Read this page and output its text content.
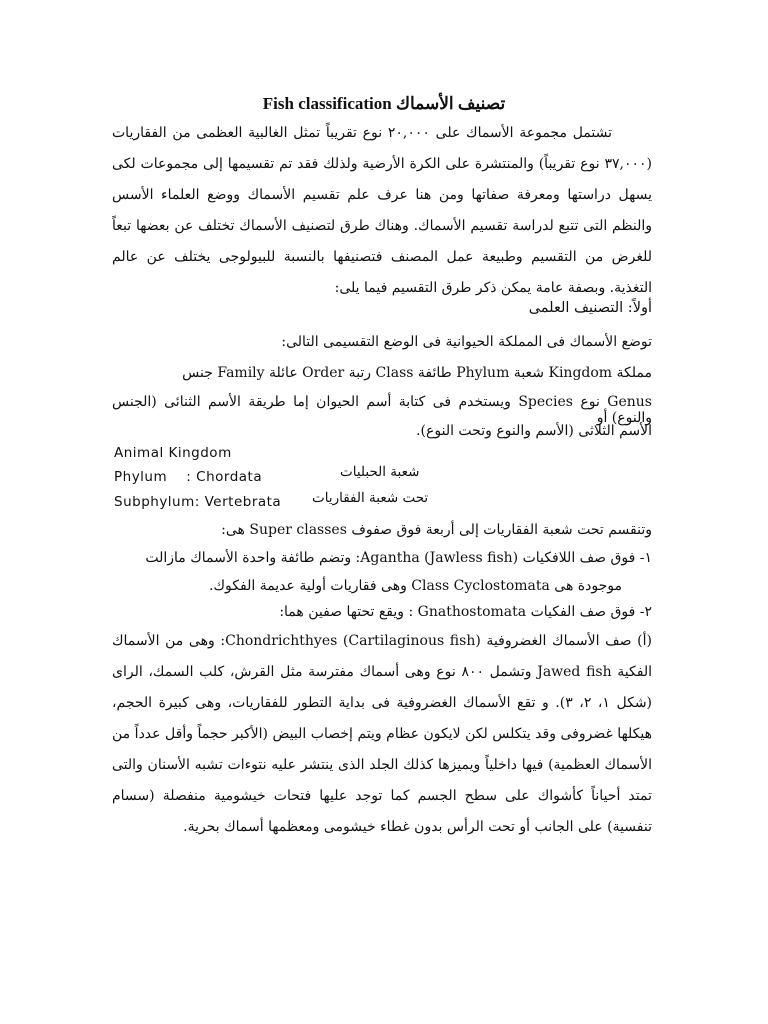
Fish classification تصنيف الأسماك

تشتمل مجموعة الأسماك على ٢٠,٠٠٠ نوع تقريباً تمثل الغالبية العظمى من الفقاريات (٣٧,٠٠٠ نوع تقريباً) والمنتشرة على الكرة الأرضية ولذلك فقد تم تقسيمها إلى مجموعات لكى يسهل دراستها ومعرفة صفاتها ومن هنا عرف علم تقسيم الأسماك ووضع العلماء الأسس والنظم التى تتبع لدراسة تقسيم الأسماك. وهناك طرق لتصنيف الأسماك تختلف عن بعضها تبعاً للغرض من التقسيم وطبيعة عمل المصنف فتصنيفها بالنسبة للبيولوجى يختلف عن عالم التغذية. وبصفة عامة يمكن ذكر طرق التقسيم فيما يلى:

أولاً: التصنيف العلمى

توضع الأسماك فى المملكة الحيوانية فى الوضع التقسيمى التالى:

مملكة Kingdom شعبة Phylum طائفة Class رتبة Order عائلة Family جنس

Genus نوع Species ويستخدم فى كتابة أسم الحيوان إما طريقة الأسم الثنائى (الجنس والنوع) أو

الأسم الثلاثى (الأسم والنوع وتحت النوع).

Animal Kingdom
Phylum    : Chordata	شعبة الحبليات
Subphylum: Vertebrata تحت شعبة الفقاريات

وتنقسم تحت شعبة الفقاريات إلى أربعة فوق صفوف Super classes هى:

١- فوق صف اللافكيات Agantha (Jawless fish): وتضم طائفة واحدة الأسماك مازالت

موجودة هى Class Cyclostomata وهى فقاريات أولية عديمة الفكوك.

٢- فوق صف الفكيات Gnathostomata : ويقع تحتها صفين هما:

(أ) صف الأسماك الغضروفية Chondrichthyes (Cartilaginous fish): وهى من الأسماك الفكية Jawed fish وتشمل ٨٠٠ نوع وهى أسماك مفترسة مثل القرش، كلب السمك، الراى (شكل ١، ٢، ٣). و تقع الأسماك الغضروفية فى بداية التطور للفقاريات، وهى كبيرة الحجم، هيكلها غضروفى وقد يتكلس لكن لايكون عظام ويتم إخصاب البيض (الأكبر حجماً وأقل عدداً من الأسماك العظمية) فيها داخلياً ويميزها كذلك الجلد الذى ينتشر عليه نتوءات تشبه الأسنان والتى تمتد أحياناً كأشواك على سطح الجسم كما توجد عليها فتحات خيشومية منفصلة (سسام تنفسية) على الجانب أو تحت الرأس بدون غطاء خيشومى ومعظمها أسماك بحرية.
